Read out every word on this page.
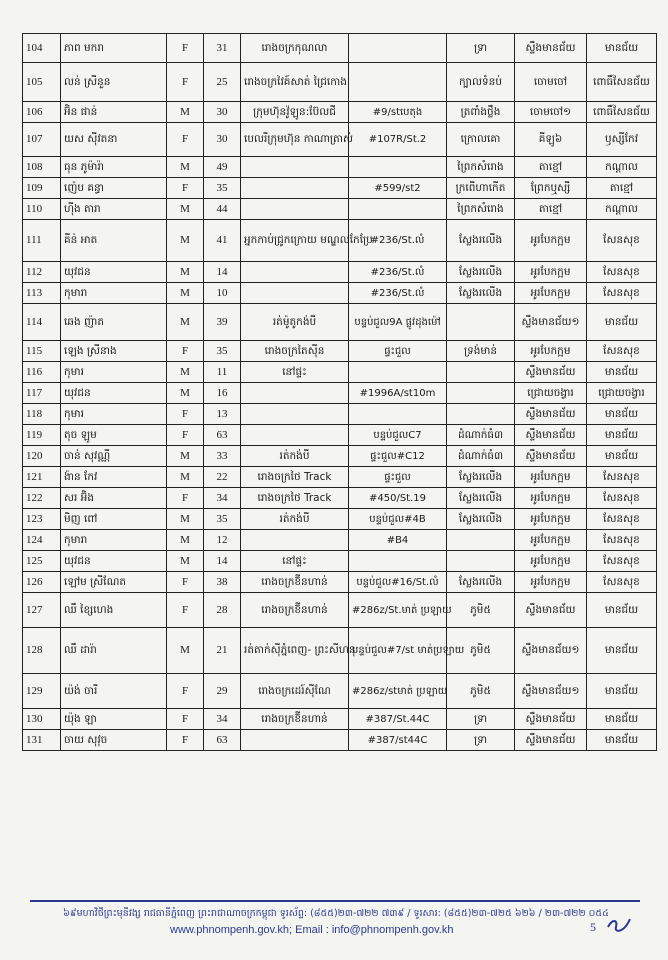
104	ភាព មករា	F	31	រោងចក្រកុណលា		ទ្រា	ស្ទឹងមានជ័យ	មានជ័យ
105	លន់ ស្រីនួន	F	25	រោងចក្រវៃគ៍សាត់ ជ្រៃកោង		ក្បាលទំនប់	ចោមចៅ	ពោធិ៍សែនជ័យ
106	អ៊ិន ផាន់	M	30	ក្រុមហ៊ុនវ៉ូឡូន:ប៊ែលជី	#9/stបេតុង	ត្រពាំងថ្លឹង	ចោមចៅ១	ពោធិ៍សែនជ័យ
107	យស ស៊ីវតនា	F	30	បេលរីក្រុមហ៊ុន កាណាត្រាស់	#107R/St.2	ក្រោលគោ	គីឡូ៦	ឫស្សីកែវ
108	ធុន ភូម៉ារ៉ា	M	49			ព្រៃកសំរោង	តាខ្មៅ	កណ្ដាល
109	ញ៉េប គន្ធា	F	35		#599/st2	ក្រពើហាកើត	ព្រែកឬស្សី	តាខ្មៅ
110	ហ៊ីង តារា	M	44			ព្រៃកសំរោង	តាខ្មៅ	កណ្ដាល
111	គីន់ អាត	M	41	អ្នកកាប់ជ្រូកក្រោយ មណ្ឌលកែប្រែ	#236/St.លំ	ស្លែងរលើង	អូរបែកក្អម	សែនសុខ
112	យុវជន	M	14		#236/St.លំ	ស្លែងរលើង	អូរបែកក្អម	សែនសុខ
113	កុមារា	M	10		#236/St.លំ	ស្លែងរលើង	អូរបែកក្អម	សែនសុខ
114	ឆេង ញ៉ាត	M	39	រត់ម៉ូតូកង់បី	បន្ទប់ជួល9A ផ្លូវដុងម៉ៅ		ស្ទឹងមានជ័យ១	មានជ័យ
115	ឡេង ស្រីនាង	F	35	រោងចក្រតៃស៊ីន	ផ្ទះជួល	ទ្រង់មាន់	អូរបែកក្អម	សែនសុខ
116	កុមារ	M	11	នៅផ្ទះ			ស្ទឹងមានជ័យ	មានជ័យ
117	យុវជន	M	16		#1996A/st10m		ជ្រោយចង្វារ	ជ្រោយចង្វារ
118	កុមារ	F	13				ស្ទឹងមានជ័យ	មានជ័យ
119	តុច ឡូម	F	63		បន្ទប់ជួលC7	ដំណាក់ធំ៣	ស្ទឹងមានជ័យ	មានជ័យ
120	ចាន់ សុវណ្ណី	M	33	រត់កង់បី	ផ្ទះជួល#C12	ដំណាក់ធំ៣	ស្ទឹងមានជ័យ	មានជ័យ
121	ង៉ាន កែវ	M	22	រោងចក្រថៃ Track	ផ្ទះជួល	ស្លែងរលើង	អូរបែកក្អម	សែនសុខ
122	សរ អ៊ិង	F	34	រោងចក្រថៃ Track	#450/St.19	ស្លែងរលើង	អូរបែកក្អម	សែនសុខ
123	មិញ ពៅ	M	35	រត់កង់បី	បន្ទប់ជួល#4B	ស្លែងរលើង	អូរបែកក្អម	សែនសុខ
124	កុមារា	M	12		#B4		អូរបែកក្អម	សែនសុខ
125	យុវជន	M	14	នៅផ្ទះ			អូរបែកក្អម	សែនសុខ
126	ឡៅម ស្រីណែត	F	38	រោងចក្រខ៊ីនហាន់	បន្ទប់ជួល#16/St.លំ	ស្លែងរលើង	អូរបែកក្អម	សែនសុខ
127	ឈឹ ខ្សៃហេង	F	28	រោងចក្រខ៊ីនហាន់	#286z/St.មាត់ ប្រឡាយ	ភូមិ៥	ស្ទឹងមានជ័យ	មានជ័យ
128	ឈឹ ដារ៉ា	M	21	រត់តាក់ស៊ីភ្នំពេញ- ព្រះសីហនុ	បន្ទប់ជួល#7/st មាត់ប្រឡាយ	ភូមិ៥	ស្ទឹងមានជ័យ១	មានជ័យ
129	យ៉ង់ ចារី	F	29	រោងចក្រដេរ៍ស៊ីណែ	#286z/stមាត់ ប្រឡាយ	ភូមិ៥	ស្ទឹងមានជ័យ១	មានជ័យ
130	យ៉ុង ឡា	F	34	រោងចក្រខ៊ីនហាន់	#387/St.44C	ទ្រា	ស្ទឹងមានជ័យ	មានជ័យ
131	ចាយ សុវុច	F	63		#387/st44C	ទ្រា	ស្ទឹងមានជ័យ	មានជ័យ
៦៩មហាវិថីព្រះមុនីវង្ស រាជធានីភ្នំពេញ ព្រះរាជាណាចក្រកម្ពុជា ទូរស័ព្ទ: (៨៥៥)២៣-៧២២ ៧៣៩ / ទូរសារ: (៨៥៥)២៣-៧២៥ ៦២៦ / ២៣-៧២២ ០៥៤
www.phnompenh.gov.kh; Email : info@phnompenh.gov.kh	5
